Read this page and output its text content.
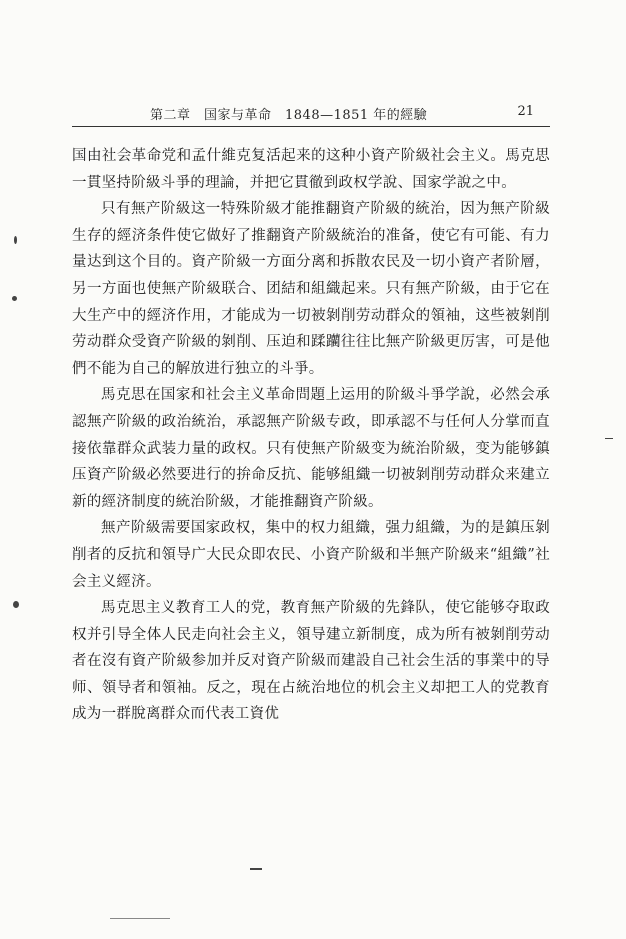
第二章　国家与革命　1848—1851 年的經驗	21

国由社会革命党和孟什維克复活起来的这种小資产阶級社会主义。馬克思一貫坚持阶級斗爭的理論，并把它貫徹到政权学說、国家学說之中。

只有無产阶級这一特殊阶級才能推翻資产阶級的統治，因为無产阶級生存的經济条件使它做好了推翻資产阶級統治的准备，使它有可能、有力量达到这个目的。資产阶級一方面分离和拆散农民及一切小資产者阶層，另一方面也使無产阶級联合、团結和組織起来。只有無产阶級，由于它在大生产中的經济作用，才能成为一切被剝削劳动群众的領袖，这些被剝削劳动群众受資产阶級的剝削、压迫和蹂躪往往比無产阶級更厉害，可是他們不能为自己的解放进行独立的斗爭。

馬克思在国家和社会主义革命問題上运用的阶級斗爭学說，必然会承認無产阶級的政治統治，承認無产阶級专政，即承認不与任何人分掌而直接依靠群众武装力量的政权。只有使無产阶級变为統治阶級，变为能够鎮压資产阶級必然要进行的拚命反抗、能够組織一切被剝削劳动群众来建立新的經济制度的統治阶級，才能推翻資产阶級。

無产阶級需要国家政权，集中的权力組織，强力組織，为的是鎮压剝削者的反抗和領导广大民众即农民、小資产阶級和半無产阶級来“組織”社会主义經济。

馬克思主义教育工人的党，教育無产阶級的先鋒队，使它能够夺取政权并引导全体人民走向社会主义，領导建立新制度，成为所有被剝削劳动者在沒有資产阶級参加并反对資产阶級而建設自己社会生活的事業中的导师、領导者和領袖。反之，現在占統治地位的机会主义却把工人的党教育成为一群脫离群众而代表工資优
